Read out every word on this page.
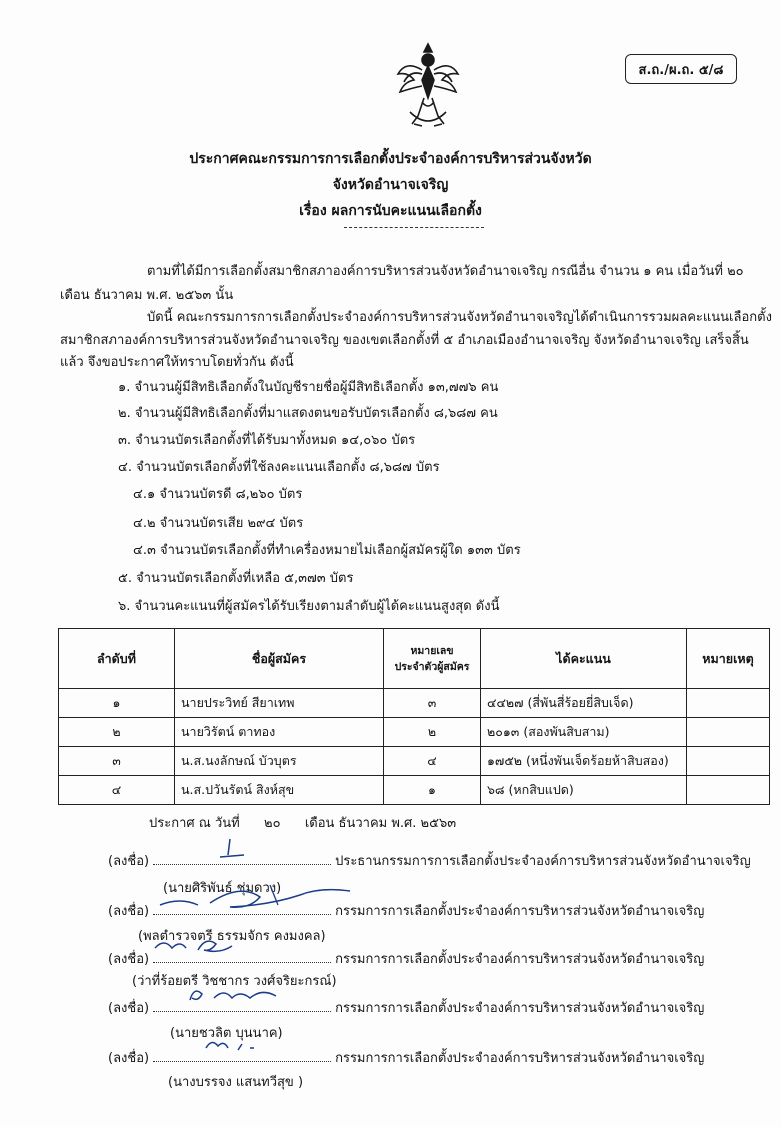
ส.ถ./ผ.ถ. ๕/๘
ประกาศคณะกรรมการการเลือกตั้งประจำองค์การบริหารส่วนจังหวัด
จังหวัดอำนาจเจริญ
เรื่อง ผลการนับคะแนนเลือกตั้ง
ตามที่ได้มีการเลือกตั้งสมาชิกสภาองค์การบริหารส่วนจังหวัดอำนาจเจริญ กรณีอื่น จำนวน ๑ คน เมื่อวันที่ ๒๐
เดือน ธันวาคม พ.ศ. ๒๕๖๓ นั้น
บัดนี้ คณะกรรมการการเลือกตั้งประจำองค์การบริหารส่วนจังหวัดอำนาจเจริญได้ดำเนินการรวมผลคะแนนเลือกตั้ง
สมาชิกสภาองค์การบริหารส่วนจังหวัดอำนาจเจริญ ของเขตเลือกตั้งที่ ๕ อำเภอเมืองอำนาจเจริญ จังหวัดอำนาจเจริญ เสร็จสิ้น
แล้ว จึงขอประกาศให้ทราบโดยทั่วกัน ดังนี้
๑. จำนวนผู้มีสิทธิเลือกตั้งในบัญชีรายชื่อผู้มีสิทธิเลือกตั้ง ๑๓,๗๗๖ คน
๒. จำนวนผู้มีสิทธิเลือกตั้งที่มาแสดงตนขอรับบัตรเลือกตั้ง ๘,๖๘๗ คน
๓. จำนวนบัตรเลือกตั้งที่ได้รับมาทั้งหมด ๑๔,๐๖๐ บัตร
๔. จำนวนบัตรเลือกตั้งที่ใช้ลงคะแนนเลือกตั้ง ๘,๖๘๗ บัตร
๔.๑ จำนวนบัตรดี ๘,๒๖๐ บัตร
๔.๒ จำนวนบัตรเสีย ๒๙๔ บัตร
๔.๓ จำนวนบัตรเลือกตั้งที่ทำเครื่องหมายไม่เลือกผู้สมัครผู้ใด ๑๓๓ บัตร
๕. จำนวนบัตรเลือกตั้งที่เหลือ ๕,๓๗๓ บัตร
๖. จำนวนคะแนนที่ผู้สมัครได้รับเรียงตามลำดับผู้ได้คะแนนสูงสุด ดังนี้
ลำดับที่	ชื่อผู้สมัคร	หมายเลข
ประจำตัวผู้สมัคร	ได้คะแนน	หมายเหตุ
๑	นายประวิทย์ สียาเทพ	๓	๔๔๒๗ (สี่พันสี่ร้อยยี่สิบเจ็ด)	
๒	นายวิรัตน์ ตาทอง	๒	๒๐๑๓ (สองพันสิบสาม)	
๓	น.ส.นงลักษณ์ บัวบุตร	๔	๑๗๕๒ (หนึ่งพันเจ็ดร้อยห้าสิบสอง)	
๔	น.ส.ปวันรัตน์ สิงห์สุข	๑	๖๘ (หกสิบแปด)	
ประกาศ ณ วันที่ ๒๐ เดือน ธันวาคม พ.ศ. ๒๕๖๓
(ลงชื่อ)	ประธานกรรมการการเลือกตั้งประจำองค์การบริหารส่วนจังหวัดอำนาจเจริญ
(นายศิริพันธ์ ชุ่มดวง)
(ลงชื่อ)	กรรมการการเลือกตั้งประจำองค์การบริหารส่วนจังหวัดอำนาจเจริญ
(พลตำรวจตรี ธรรมจักร คงมงคล)
(ลงชื่อ)	กรรมการการเลือกตั้งประจำองค์การบริหารส่วนจังหวัดอำนาจเจริญ
(ว่าที่ร้อยตรี วิชชากร วงศ์จริยะกรณ์)
(ลงชื่อ)	กรรมการการเลือกตั้งประจำองค์การบริหารส่วนจังหวัดอำนาจเจริญ
(นายชวลิต บุนนาค)
(ลงชื่อ)	กรรมการการเลือกตั้งประจำองค์การบริหารส่วนจังหวัดอำนาจเจริญ
(นางบรรจง แสนทวีสุข )
